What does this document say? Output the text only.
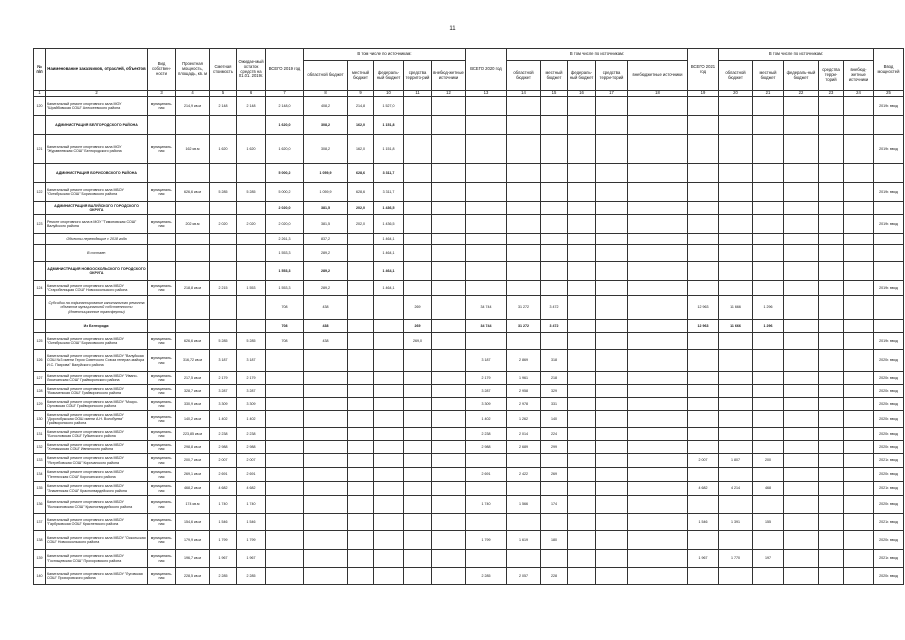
11
№ п/п	Наименование заказчиков, отраслей, объектов	Вид собствен-ности	Проектная мощность, площадь, кв. м	Сметная стоимость	Ожидае-мый остаток средств на 01.01. 2019г.	ВСЕГО 2019 год	В том числе по источникам:					ВСЕГО 2020 год	В том числе по источникам:					ВСЕГО 2021 год	В том числе по источникам:					Ввод мощностей
							областной бюджет	местный бюджет	федераль-ный бюджет	средства террито-рий	внебюд-жетные источники		областной бюджет	местный бюджет	федераль-ный бюджет	средства терри-торий	внебюджетные источники		областной бюджет	местный бюджет	федераль-ный бюджет	средства терри-торий	внебюд-жетные источники	
1	2	3	4	5	6	7	8	9	10	11	12	13	14	15	16	17	18	19	20	21	22	23	24	25
120	Капитальный ремонт спортивного зала МОУ "Шрайбовская СОШ" Алексеевского района	муниципаль-ная	214,9 кв.м	2 148	2 148	2 148,0	408,2	214,8	1 527,0															2019г. ввод
	АДМИНИСТРАЦИЯ БЕЛГОРОДСКОГО РАЙОНА					1 620,0	308,2	162,0	1 151,8															
121	Капитальный ремонт спортивного зала МОУ "Журавлевская СОШ" Белгородского района	муниципаль-ная	162 кв.м	1 620	1 620	1 620,0	308,2	162,0	1 151,8															2019г. ввод
	АДМИНИСТРАЦИЯ БОРИСОВСКОГО РАЙОНА					5 000,2	1 059,9	628,6	3 311,7															
122	Капитальный ремонт спортивного зала МБОУ "Октябрьская СОШ" Борисовского района	муниципаль-ная	626,6 кв.м	5 285	5 285	5 000,2	1 059,9	628,6	3 311,7															2019г. ввод
	АДМИНИСТРАЦИЯ ВАЛУЙСКОГО ГОРОДСКОГО ОКРУГА					2 020,0	381,5	202,0	1 436,5															
123	Ремонт спортивного зала в МОУ "Тимоновская СОШ" Валуйского района	муниципаль-ная	202 кв.м	2 020	2 020	2 020,0	381,5	202,0	1 436,5															2019г. ввод
	Объекты переходящие с 2018 года					2 261,3	837,2		1 464,1															
	В составе:					1 553,3	289,2		1 464,1															
	АДМИНИСТРАЦИЯ НОВООСКОЛЬСКОГО ГОРОДСКОГО ОКРУГА					1 553,3	289,2		1 464,1															
124	Капитальный ремонт спортивного зала МБОУ "Старобелицкая СОШ" Новооскольского района	муниципаль-ная	218,8 кв.м	2 215	1 553	1 553,3	289,2		1 464,1															2019г. ввод
	Субсидии на софинансирование капитального ремонта объектов муниципальной собственности (Инвестиционные трансферты)					708	438			269		34 744	31 272	3 472				12 963	11 666	1 296				
	Из Белгорода:					708	438			269		34 744	31 272	3 472				12 963	11 666	1 296				
125	Капитальный ремонт спортивного зала МБОУ "Октябрьская СОШ" Борисовского района	муниципаль-ная	626,6 кв.м	5 285	5 285	708	438			269,0														2019г. ввод
126	Капитальный ремонт спортивного зала МБОУ "Валуйская СОШ №3 имени Героя Советского Союза генерал-майора И.С. Пахрова" Валуйского района	муниципаль-ная	316,72 кв.м	3 187	3 187							3 187	2 869	318										2020г. ввод
127	Капитальный ремонт спортивного зала МБОУ "Ивано-Лисичанская СОШ" Грайворонского района	муниципаль-ная	217,5 кв.м	2 179	2 179							2 179	1 961	218										2020г. ввод
128	Капитальный ремонт спортивного зала МБОУ "Вязьменская СОШ" Грайворонского района	муниципаль-ная	328,7 кв.м	3 287	3 287							3 287	2 958	329										2020г. ввод
129	Капитальный ремонт спортивного зала МБОУ "Мокро-Орловская СОШ" Грайворонского района	муниципаль-ная	330,9 кв.м	3 309	3 309							3 309	2 978	331										2020г. ввод
130	Капитальный ремонт спортивного зала МБОУ "Дорогобужская ООШ имени А.Н. Волобуева" Грайворонского района	муниципаль-ная	140,2 кв.м	1 402	1 402							1 402	1 262	140										2020г. ввод
131	Капитальный ремонт спортивного зала МБОУ "Богословская СОШ" Губкинского района	муниципаль-ная	223,85 кв.м	2 238	2 238							2 238	2 014	224										2020г. ввод
132	Капитальный ремонт спортивного зала МБОУ "Хотмыжская СОШ" Ивнянского района	муниципаль-ная	298,8 кв.м	2 988	2 988							2 988	2 689	299										2020г. ввод
133	Капитальный ремонт спортивного зала МБОУ "Ястребовская СОШ" Корочанского района	муниципаль-ная	200,7 кв.м	2 007	2 007													2 007	1 807	200				2021г. ввод
134	Капитальный ремонт спортивного зала МБОУ "Пентюхская СОШ" Корочанского района	муниципаль-ная	269,1 кв.м	2 691	2 691							2 691	2 422	269										2020г. ввод
135	Капитальный ремонт спортивного зала МБОУ "Знаменская СОШ" Красногвардейского района	муниципаль-ная	468,2 кв.м	4 682	4 682													4 682	4 214	468				2021г. ввод
136	Капитальный ремонт спортивного зала МБОУ "Волоконовская СОШ" Красногвардейского района	муниципаль-ная	174 кв.м	1 740	1 740							1 740	1 566	174										2020г. ввод
137	Капитальный ремонт спортивного зала МБОУ "Гарбузовская ООШ" Красненского района	муниципаль-ная	154,6 кв.м	1 546	1 546													1 546	1 391	155				2021г. ввод
138	Капитальный ремонт спортивного зала МБОУ "Оскольская СОШ" Новооскольского района	муниципаль-ная	179,9 кв.м	1 799	1 799							1 799	1 619	180										2020г. ввод
139	Капитальный ремонт спортивного зала МБОУ "Гостищевская СОШ" Прохоровского района	муниципаль-ная	196,7 кв.м	1 967	1 967													1 967	1 770	197				2021г. ввод
140	Капитальный ремонт спортивного зала МБОУ "Луговская СОШ" Прохоровского района	муниципаль-ная	228,5 кв.м	2 285	2 285							2 285	2 057	228										2020г. ввод
